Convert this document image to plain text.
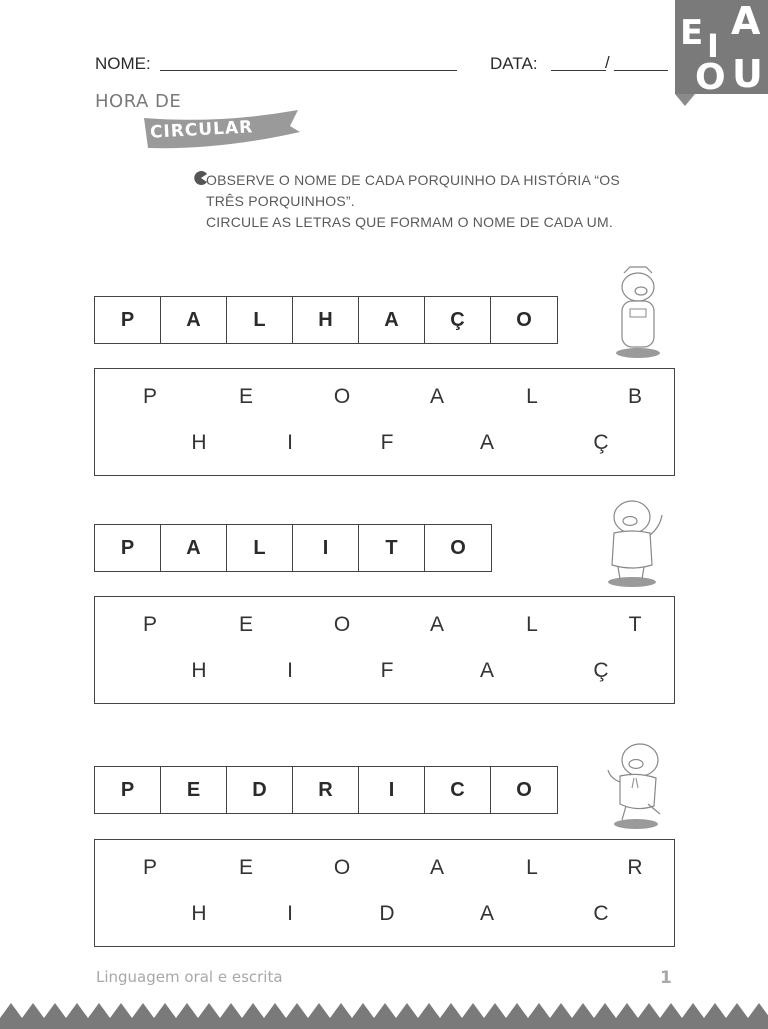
NOME:	DATA:	/
E I
A
O U
HORA DE
CIRCULAR
OBSERVE O NOME DE CADA PORQUINHO DA HISTÓRIA “OS
TRÊS PORQUINHOS”.
CIRCULE AS LETRAS QUE FORMAM O NOME DE CADA UM.
P	A	L	H	A	Ç	O
P	E	O	A	L	B
H	I	F	A	Ç
P	A	L	I	T	O
P	E	O	A	L	T
H	I	F	A	Ç
P	E	D	R	I	C	O
P	E	O	A	L	R
H	I	D	A	C
Linguagem oral e escrita	1
